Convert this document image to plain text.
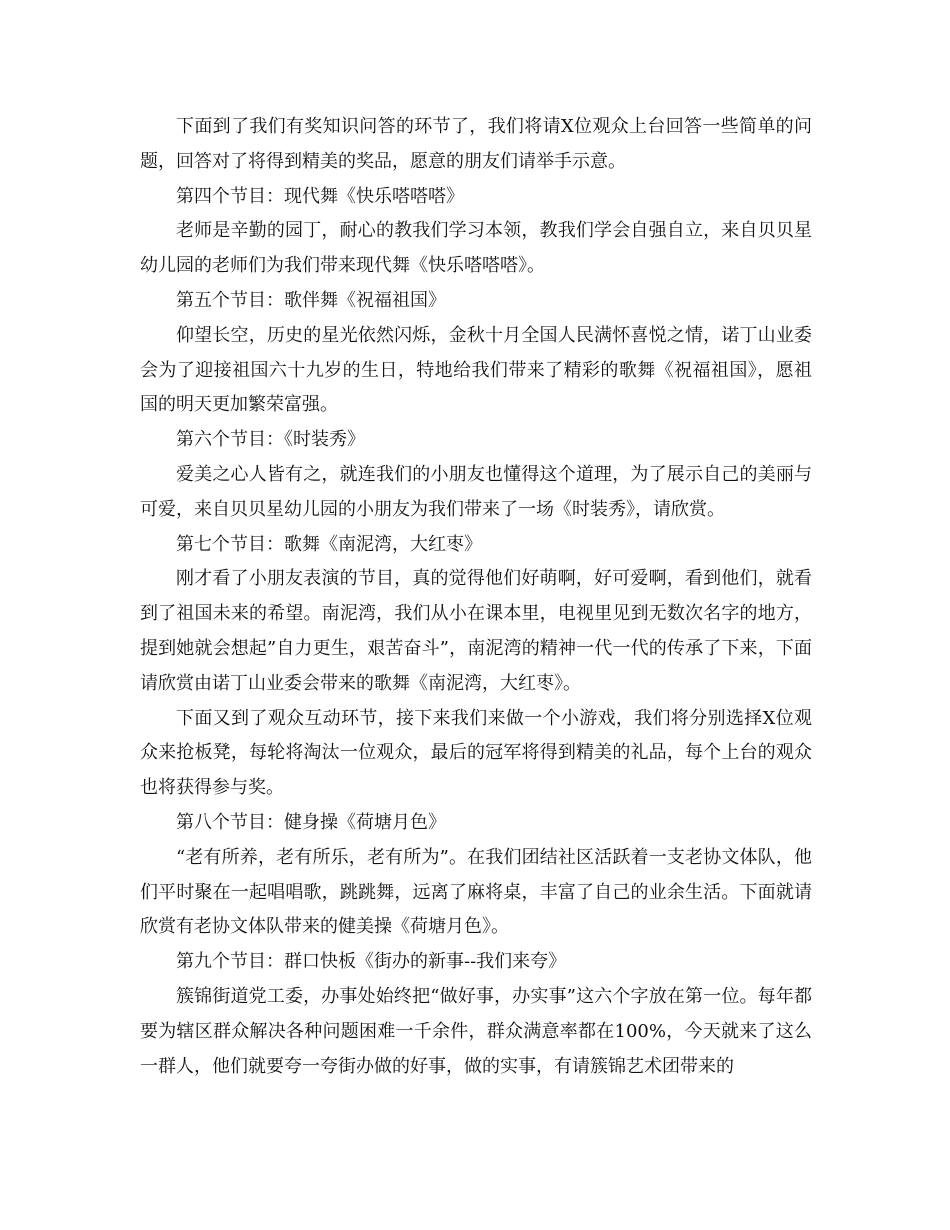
下面到了我们有奖知识问答的环节了，我们将请X位观众上台回答一些简单的问题，回答对了将得到精美的奖品，愿意的朋友们请举手示意。

第四个节目：现代舞《快乐嗒嗒嗒》

老师是辛勤的园丁，耐心的教我们学习本领，教我们学会自强自立，来自贝贝星幼儿园的老师们为我们带来现代舞《快乐嗒嗒嗒》。

第五个节目：歌伴舞《祝福祖国》

仰望长空，历史的星光依然闪烁，金秋十月全国人民满怀喜悦之情，诺丁山业委会为了迎接祖国六十九岁的生日，特地给我们带来了精彩的歌舞《祝福祖国》，愿祖国的明天更加繁荣富强。

第六个节目：《时装秀》

爱美之心人皆有之，就连我们的小朋友也懂得这个道理，为了展示自己的美丽与可爱，来自贝贝星幼儿园的小朋友为我们带来了一场《时装秀》，请欣赏。

第七个节目：歌舞《南泥湾，大红枣》

刚才看了小朋友表演的节目，真的觉得他们好萌啊，好可爱啊，看到他们，就看到了祖国未来的希望。南泥湾，我们从小在课本里，电视里见到无数次名字的地方，提到她就会想起”自力更生，艰苦奋斗”，南泥湾的精神一代一代的传承了下来，下面请欣赏由诺丁山业委会带来的歌舞《南泥湾，大红枣》。

下面又到了观众互动环节，接下来我们来做一个小游戏，我们将分别选择X位观众来抢板凳，每轮将淘汰一位观众，最后的冠军将得到精美的礼品，每个上台的观众也将获得参与奖。

第八个节目：健身操《荷塘月色》

“老有所养，老有所乐，老有所为”。在我们团结社区活跃着一支老协文体队，他们平时聚在一起唱唱歌，跳跳舞，远离了麻将桌，丰富了自己的业余生活。下面就请欣赏有老协文体队带来的健美操《荷塘月色》。

第九个节目：群口快板《街办的新事--我们来夸》

簇锦街道党工委，办事处始终把“做好事，办实事”这六个字放在第一位。每年都要为辖区群众解决各种问题困难一千余件，群众满意率都在100%，今天就来了这么一群人，他们就要夸一夸街办做的好事，做的实事，有请簇锦艺术团带来的
